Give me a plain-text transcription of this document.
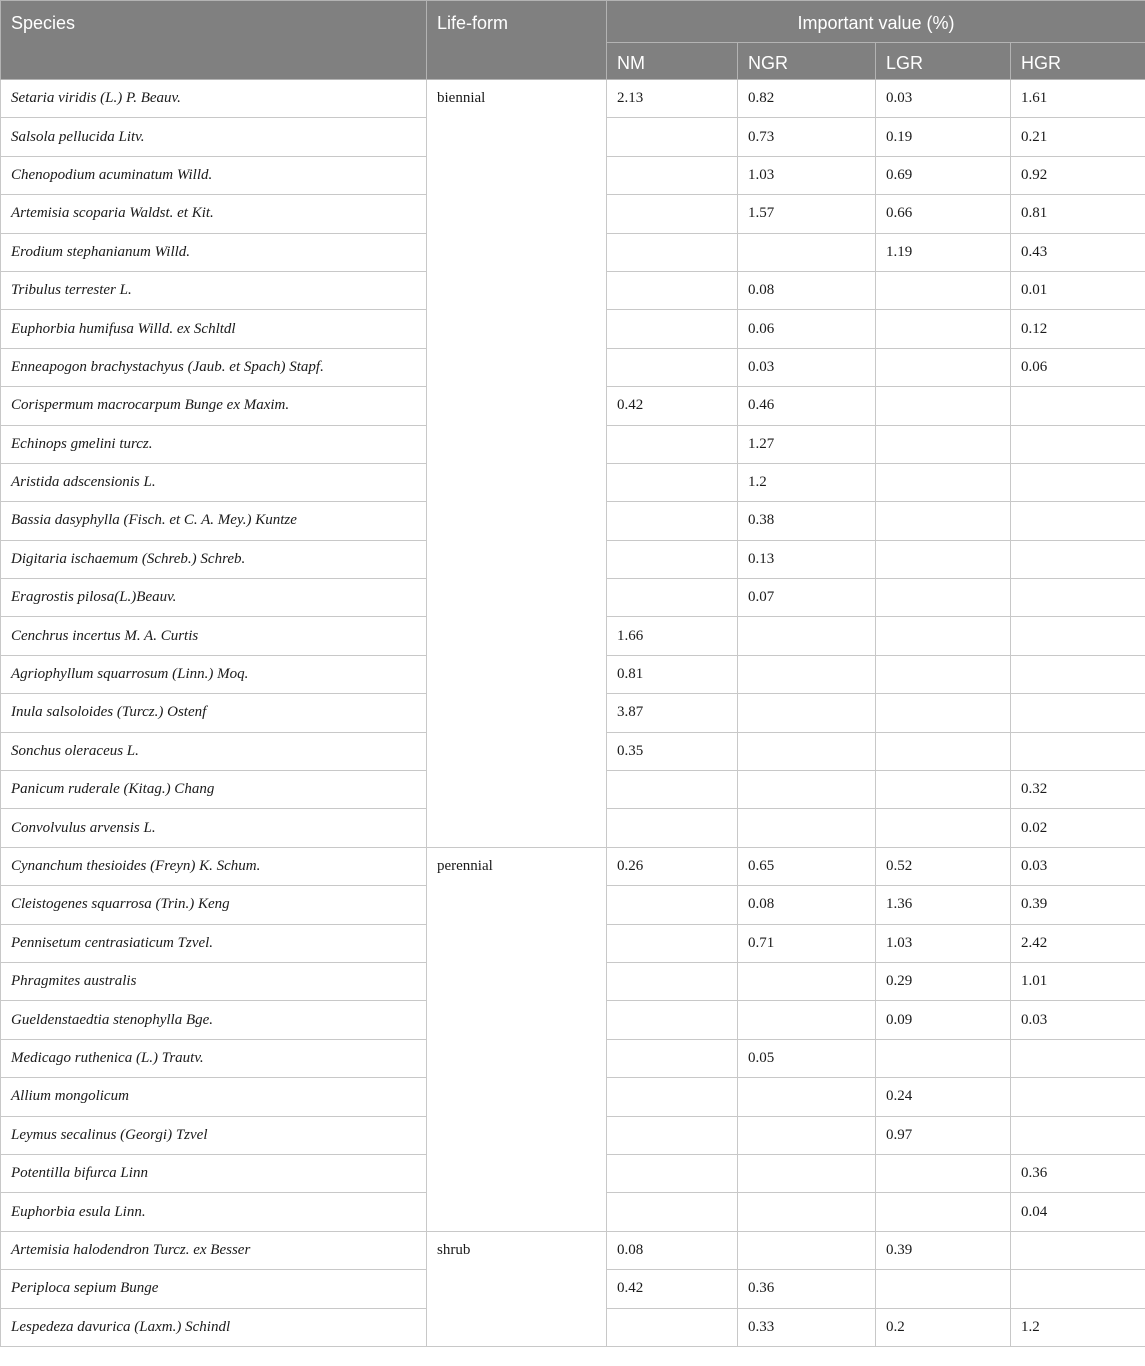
Species	Life-form	Important value (%)			
		NM	NGR	LGR	HGR
Setaria viridis (L.) P. Beauv.	biennial	2.13	0.82	0.03	1.61
Salsola pellucida Litv.			0.73	0.19	0.21
Chenopodium acuminatum Willd.			1.03	0.69	0.92
Artemisia scoparia Waldst. et Kit.			1.57	0.66	0.81
Erodium stephanianum Willd.				1.19	0.43
Tribulus terrester L.			0.08		0.01
Euphorbia humifusa Willd. ex Schltdl			0.06		0.12
Enneapogon brachystachyus (Jaub. et Spach) Stapf.			0.03		0.06
Corispermum macrocarpum Bunge ex Maxim.		0.42	0.46		
Echinops gmelini turcz.			1.27		
Aristida adscensionis L.			1.2		
Bassia dasyphylla (Fisch. et C. A. Mey.) Kuntze			0.38		
Digitaria ischaemum (Schreb.) Schreb.			0.13		
Eragrostis pilosa(L.)Beauv.			0.07		
Cenchrus incertus M. A. Curtis		1.66			
Agriophyllum squarrosum (Linn.) Moq.		0.81			
Inula salsoloides (Turcz.) Ostenf		3.87			
Sonchus oleraceus L.		0.35			
Panicum ruderale (Kitag.) Chang					0.32
Convolvulus arvensis L.					0.02
Cynanchum thesioides (Freyn) K. Schum.	perennial	0.26	0.65	0.52	0.03
Cleistogenes squarrosa (Trin.) Keng			0.08	1.36	0.39
Pennisetum centrasiaticum Tzvel.			0.71	1.03	2.42
Phragmites australis				0.29	1.01
Gueldenstaedtia stenophylla Bge.				0.09	0.03
Medicago ruthenica (L.) Trautv.			0.05		
Allium mongolicum				0.24	
Leymus secalinus (Georgi) Tzvel				0.97	
Potentilla bifurca Linn					0.36
Euphorbia esula Linn.					0.04
Artemisia halodendron Turcz. ex Besser	shrub	0.08		0.39	
Periploca sepium Bunge		0.42	0.36		
Lespedeza davurica (Laxm.) Schindl			0.33	0.2	1.2
